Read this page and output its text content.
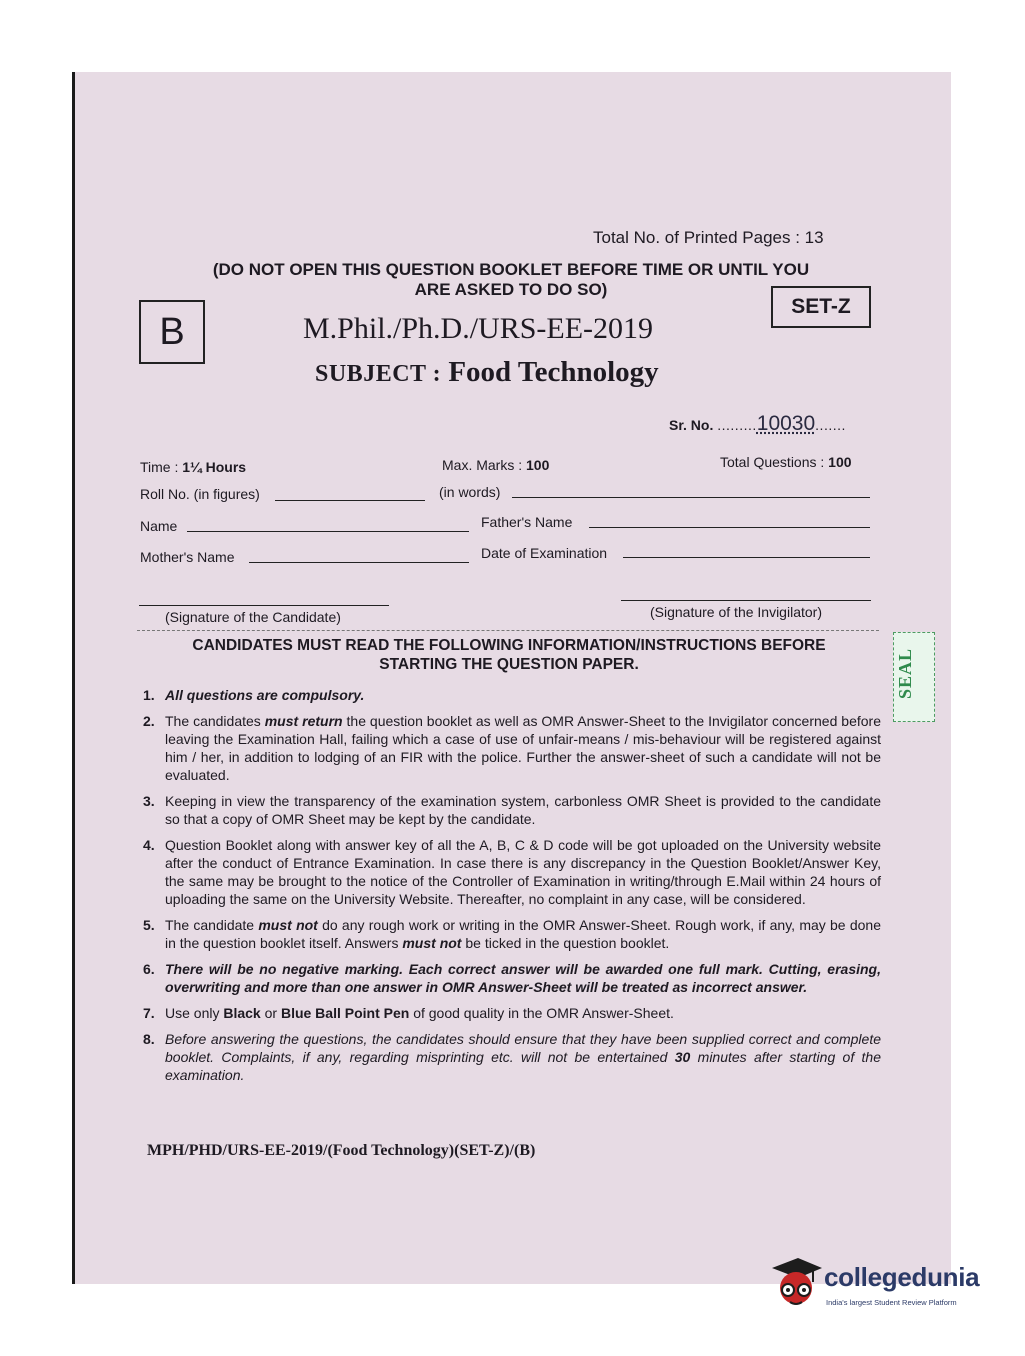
Total No. of Printed Pages : 13
(DO NOT OPEN THIS QUESTION BOOKLET BEFORE TIME OR UNTIL YOU
ARE ASKED TO DO SO)
SET-Z
B	M.Phil./Ph.D./URS-EE-2019
SUBJECT : Food Technology
Sr. No. .........10030.......
Time : 1¼ Hours	Max. Marks : 100	Total Questions : 100
Roll No. (in figures)	(in words)
Name	Father's Name
Mother's Name	Date of Examination
(Signature of the Candidate)	(Signature of the Invigilator)
CANDIDATES MUST READ THE FOLLOWING INFORMATION/INSTRUCTIONS BEFORE
STARTING THE QUESTION PAPER.	SEAL
1. All questions are compulsory.
2. The candidates must return the question booklet as well as OMR Answer-Sheet to the Invigilator concerned before leaving the Examination Hall, failing which a case of use of unfair-means / mis-behaviour will be registered against him / her, in addition to lodging of an FIR with the police. Further the answer-sheet of such a candidate will not be evaluated.
3. Keeping in view the transparency of the examination system, carbonless OMR Sheet is provided to the candidate so that a copy of OMR Sheet may be kept by the candidate.
4. Question Booklet along with answer key of all the A, B, C & D code will be got uploaded on the University website after the conduct of Entrance Examination. In case there is any discrepancy in the Question Booklet/Answer Key, the same may be brought to the notice of the Controller of Examination in writing/through E.Mail within 24 hours of uploading the same on the University Website. Thereafter, no complaint in any case, will be considered.
5. The candidate must not do any rough work or writing in the OMR Answer-Sheet. Rough work, if any, may be done in the question booklet itself. Answers must not be ticked in the question booklet.
6. There will be no negative marking. Each correct answer will be awarded one full mark. Cutting, erasing, overwriting and more than one answer in OMR Answer-Sheet will be treated as incorrect answer.
7. Use only Black or Blue Ball Point Pen of good quality in the OMR Answer-Sheet.
8. Before answering the questions, the candidates should ensure that they have been supplied correct and complete booklet. Complaints, if any, regarding misprinting etc. will not be entertained 30 minutes after starting of the examination.
MPH/PHD/URS-EE-2019/(Food Technology)(SET-Z)/(B)
collegedunia
India's largest Student Review Platform
